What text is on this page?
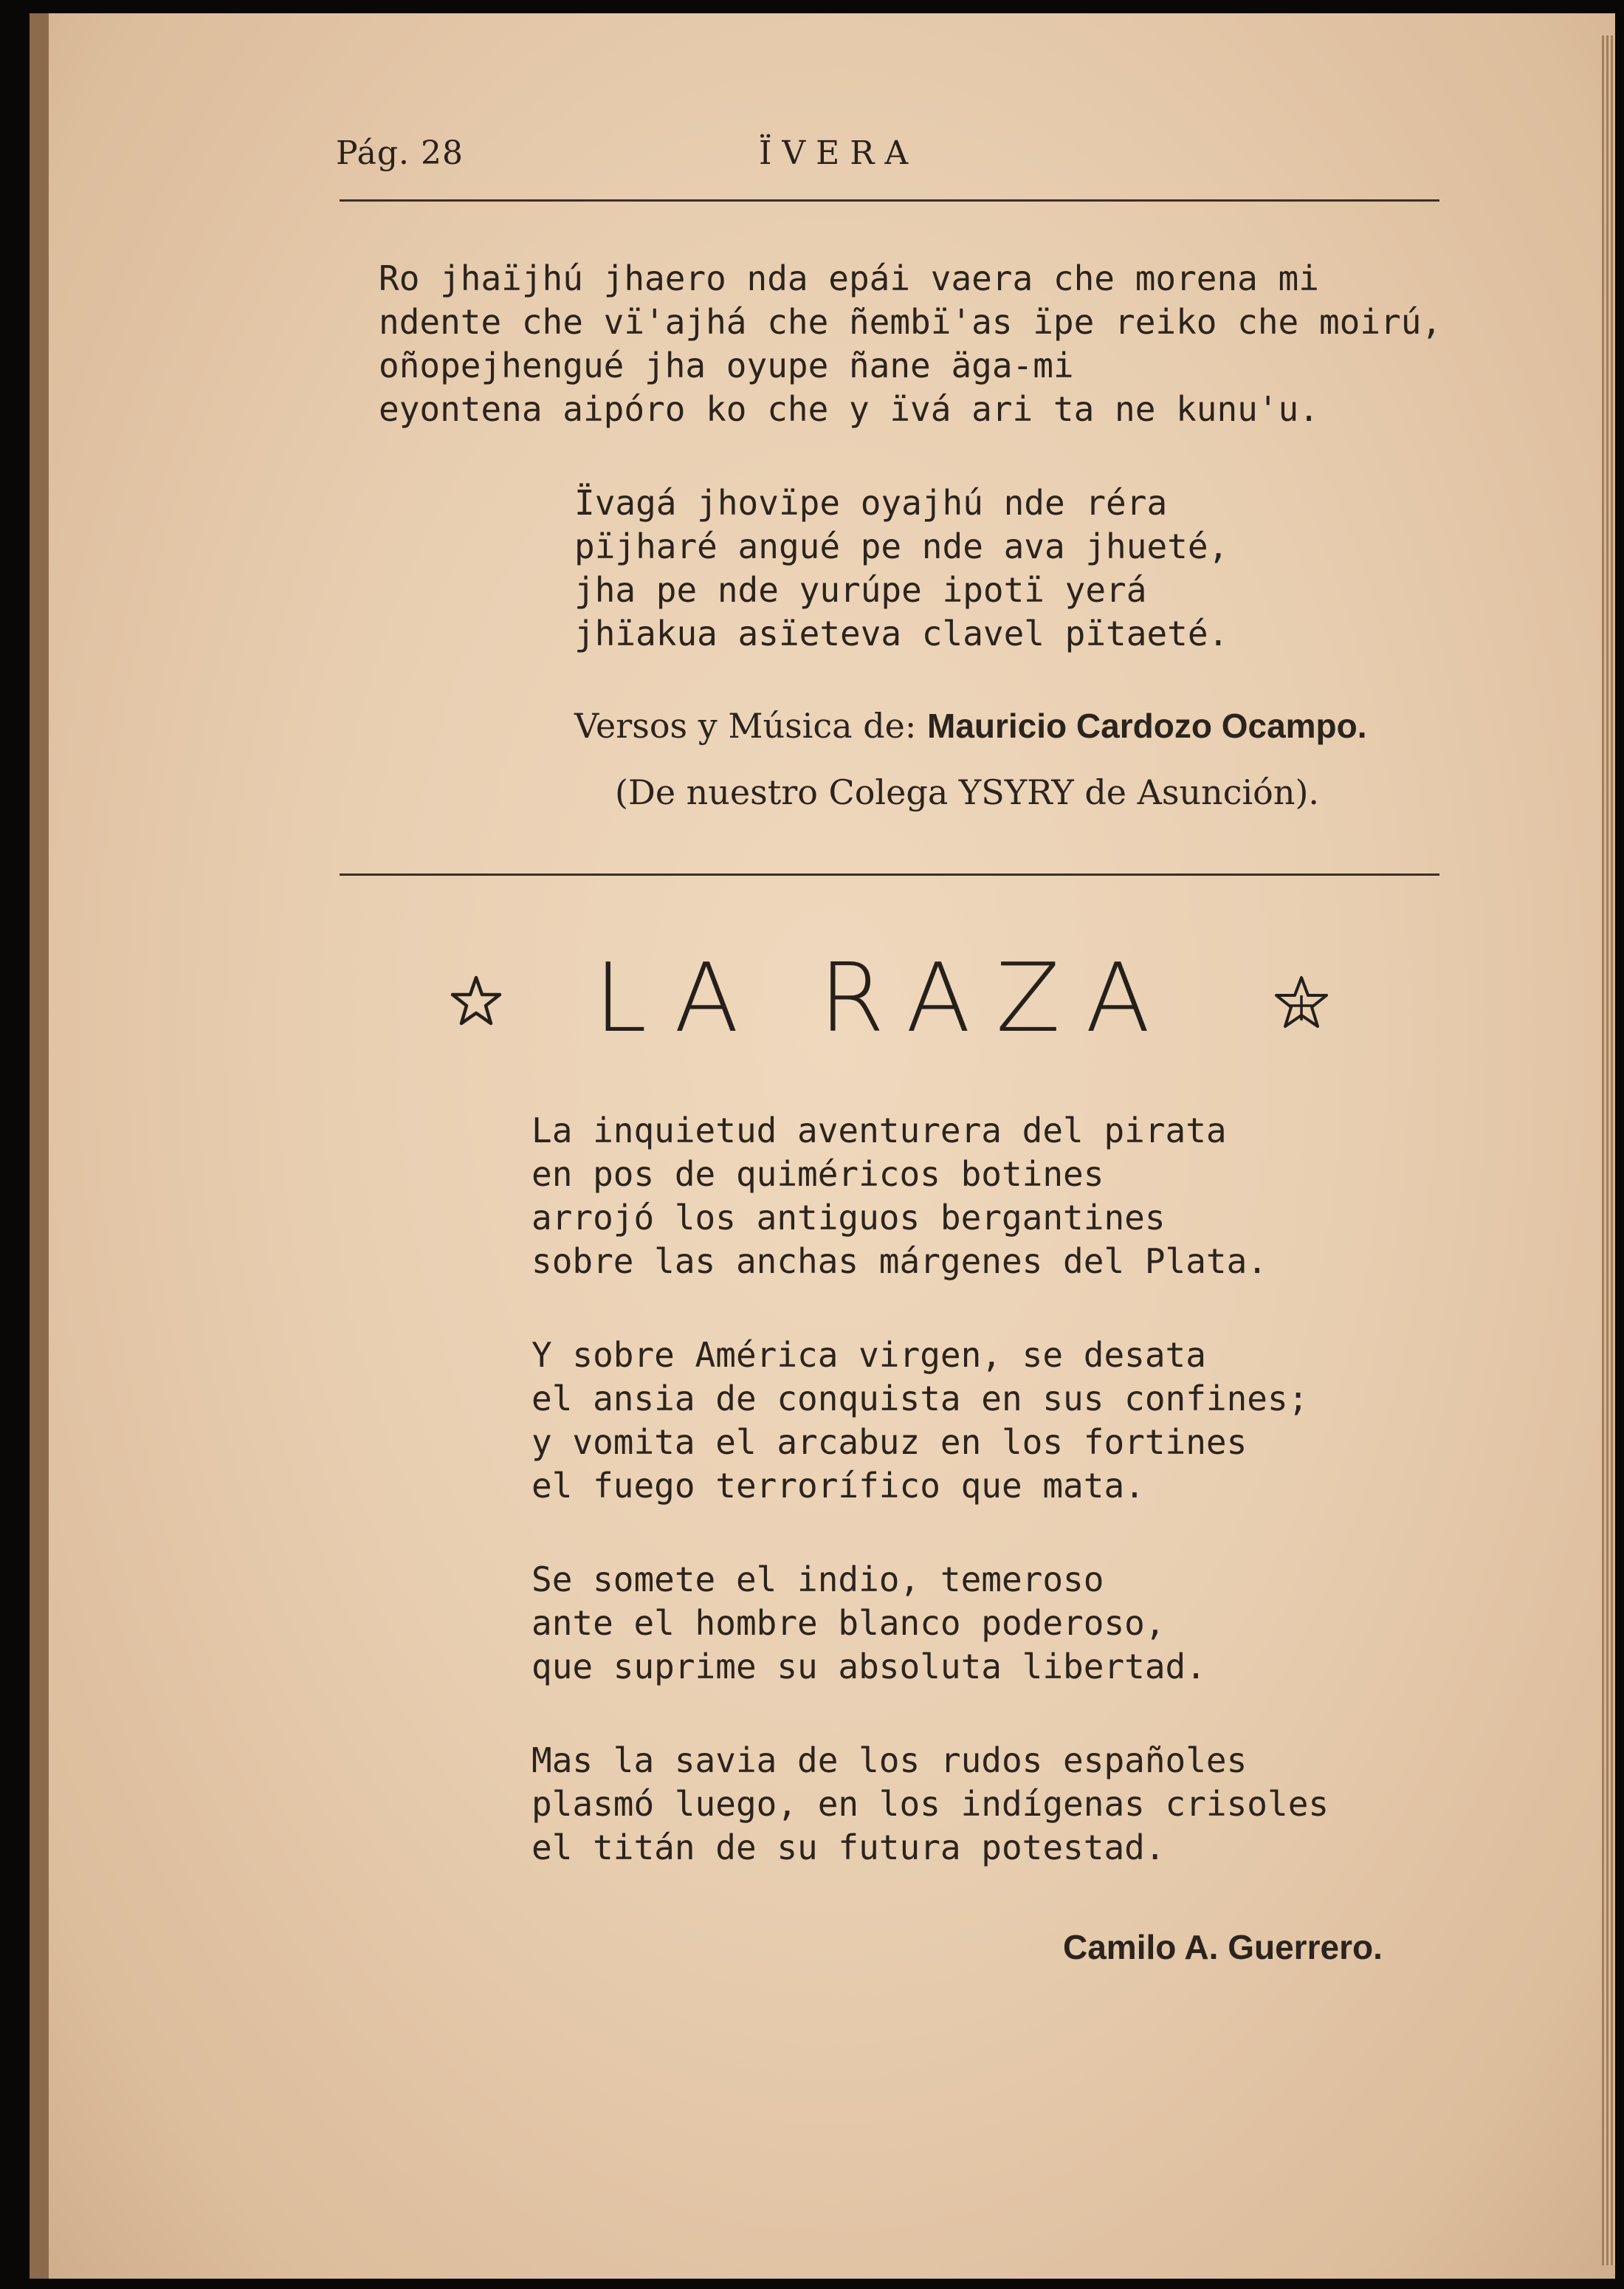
Pág. 28	ÏVERA
Ro jhaïjhú jhaero nda epái vaera che morena mi
ndente che vï'ajhá che ñembï'as ïpe reiko che moirú,
oñopejhengué jha oyupe ñane äga-mi
eyontena aipóro ko che y ïvá ari ta ne kunu'u.
Ïvagá jhovïpe oyajhú nde réra
pïjharé angué pe nde ava jhueté,
jha pe nde yurúpe ipotï yerá
jhïakua asïeteva clavel pïtaeté.
Versos y Música de: Mauricio Cardozo Ocampo.
(De nuestro Colega YSYRY de Asunción).
LA RAZA
La inquietud aventurera del pirata
en pos de quiméricos botines
arrojó los antiguos bergantines
sobre las anchas márgenes del Plata.
Y sobre América virgen, se desata
el ansia de conquista en sus confines;
y vomita el arcabuz en los fortines
el fuego terrorífico que mata.
Se somete el indio, temeroso
ante el hombre blanco poderoso,
que suprime su absoluta libertad.
Mas la savia de los rudos españoles
plasmó luego, en los indígenas crisoles
el titán de su futura potestad.
Camilo A. Guerrero.
